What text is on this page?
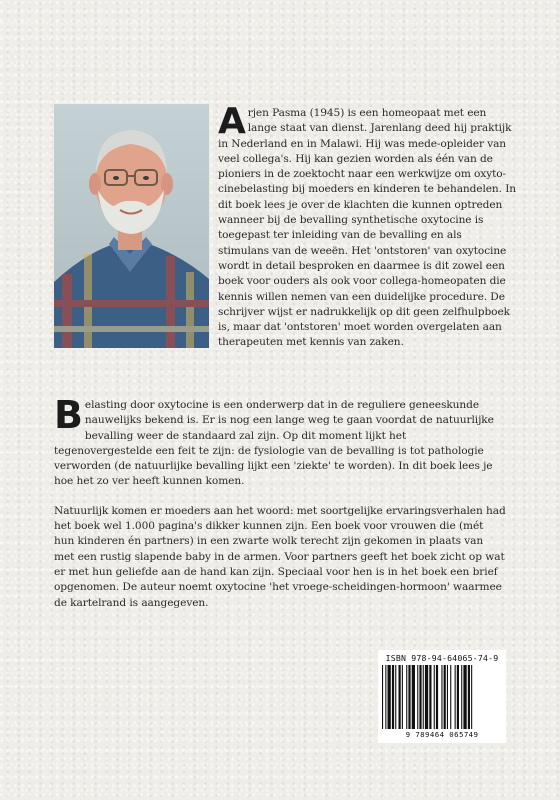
Arjen Pasma (1945) is een homeopaat met een lange staat van dienst. Jarenlang deed hij praktijk in Nederland en in Malawi. Hij was mede-opleider van veel collega's. Hij kan gezien worden als één van de pioniers in de zoektocht naar een werkwijze om oxytocinebelasting bij moeders en kinderen te behandelen. In dit boek lees je over de klachten die kunnen optreden wanneer bij de bevalling synthetische oxytocine is toegepast ter inleiding van de bevalling en als stimulans van de weeën. Het 'ontstoren' van oxytocine wordt in detail besproken en daarmee is dit zowel een boek voor ouders als ook voor collega-homeopaten die kennis willen nemen van een duidelijke procedure. De schrijver wijst er nadrukkelijk op dit geen zelfhulpboek is, maar dat 'ontstoren' moet worden overgelaten aan therapeuten met kennis van zaken.

Belasting door oxytocine is een onderwerp dat in de reguliere geneeskunde nauwelijks bekend is. Er is nog een lange weg te gaan voordat de natuurlijke bevalling weer de standaard zal zijn. Op dit moment lijkt het tegenovergestelde een feit te zijn: de fysiologie van de bevalling is tot pathologie verworden (de natuurlijke bevalling lijkt een 'ziekte' te worden). In dit boek lees je hoe het zo ver heeft kunnen komen.

Natuurlijk komen er moeders aan het woord: met soortgelijke ervaringsverhalen had het boek wel 1.000 pagina's dikker kunnen zijn. Een boek voor vrouwen die (mét hun kinderen én partners) in een zwarte wolk terecht zijn gekomen in plaats van met een rustig slapende baby in de armen. Voor partners geeft het boek zicht op wat er met hun geliefde aan de hand kan zijn. Speciaal voor hen is in het boek een brief opgenomen. De auteur noemt oxytocine 'het vroege-scheidingen-hormoon' waarmee de kartelrand is aangegeven.

ISBN 978-94-64065-74-9
9 789464 065749
